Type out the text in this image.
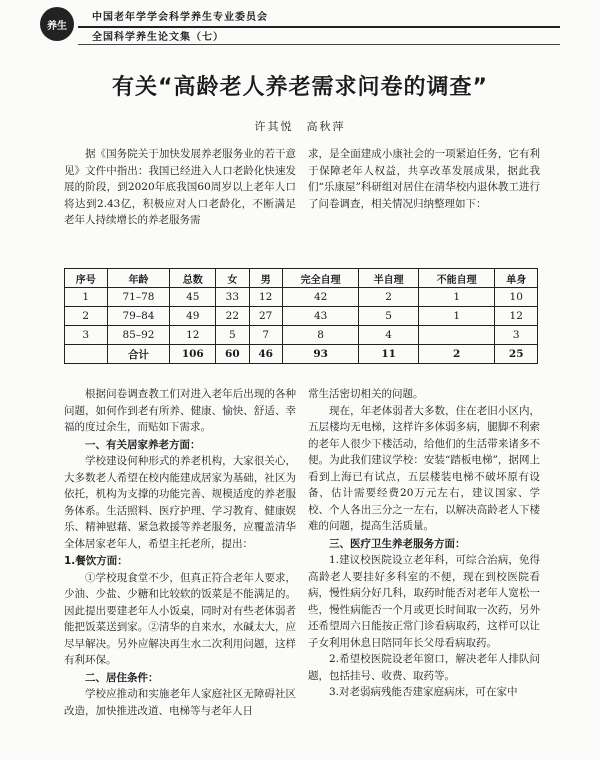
养生
中国老年学学会科学养生专业委员会
全国科学养生论文集（七）
有关“高龄老人养老需求问卷的调查”
许其悦　高秋萍

据《国务院关于加快发展养老服务业的若干意见》文件中指出：我国已经进入人口老龄化快速发展的阶段，到2020年底我国60周岁以上老年人口将达到2.43亿，积极应对人口老龄化，不断满足老年人持续增长的养老服务需

求，是全面建成小康社会的一项紧迫任务，它有利于保障老年人权益，共享改革发展成果，据此我们“乐康屋”科研组对居住在清华校内退休教工进行了问卷调查，相关情况归纳整理如下：

序号	年龄	总数	女	男	完全自理	半自理	不能自理	单身
1	71–78	45	33	12	42	2	1	10
2	79–84	49	22	27	43	5	1	12
3	85–92	12	5	7	8	4		3
	合计	106	60	46	93	11	2	25

根据问卷调查教工们对进入老年后出现的各种问题，如何作到老有所养、健康、愉快、舒适、幸福的度过余生，而贴如下需求。

一、有关居家养老方面：

学校建设何种形式的养老机构，大家很关心，大多数老人希望在校内能建成居家为基础，社区为依托，机构为支撑的功能完善、规模适度的养老服务体系。生活照料、医疗护理、学习教育、健康娱乐、精神慰藉、紧急救援等养老服务，应覆盖清华全体居家老年人，希望主托老所，提出：

1.餐饮方面：

①学校現食堂不少，但真正符合老年人要求，少油、少盐、少糖和比较软的饭菜是不能满足的。因此提出要建老年人小饭桌，同时对有些老体弱者能把饭菜送到家。②清华的自来水，水碱太大，应尽早解决。另外应解决再生水二次利用问题，这样有利环保。

二、居住条件：

学校应推动和实施老年人家庭社区无障碍社区改造，加快推进改道、电梯等与老年人日

常生活密切相关的问题。

现在，年老体弱者大多数，住在老旧小区内，五层楼均无电梯，这样许多体弱多病，腿脚不利索的老年人很少下楼活动，给他们的生活带来诸多不便。为此我们建议学校：安装“踏板电梯”，据网上看到上海已有试点，五层楼装电梯不破坏原有设备，估计需要经费20万元左右，建议国家、学校、个人各出三分之一左右，以解决高龄老人下楼难的问题，提高生活质量。

三、医疗卫生养老服务方面：

1.建议校医院设立老年科，可综合治病，免得高龄老人要挂好多科室的不便，现在到校医院看病，慢性病分好几科，取药时能否对老年人宽松一些，慢性病能否一个月或更长时间取一次药，另外还希望周六日能按正常门诊看病取药，这样可以让子女利用休息日陪同年长父母看病取药。

2.希望校医院设老年窗口，解决老年人排队问题，包括挂号、收费、取药等。

3.对老弱病残能否建家庭病床，可在家中
